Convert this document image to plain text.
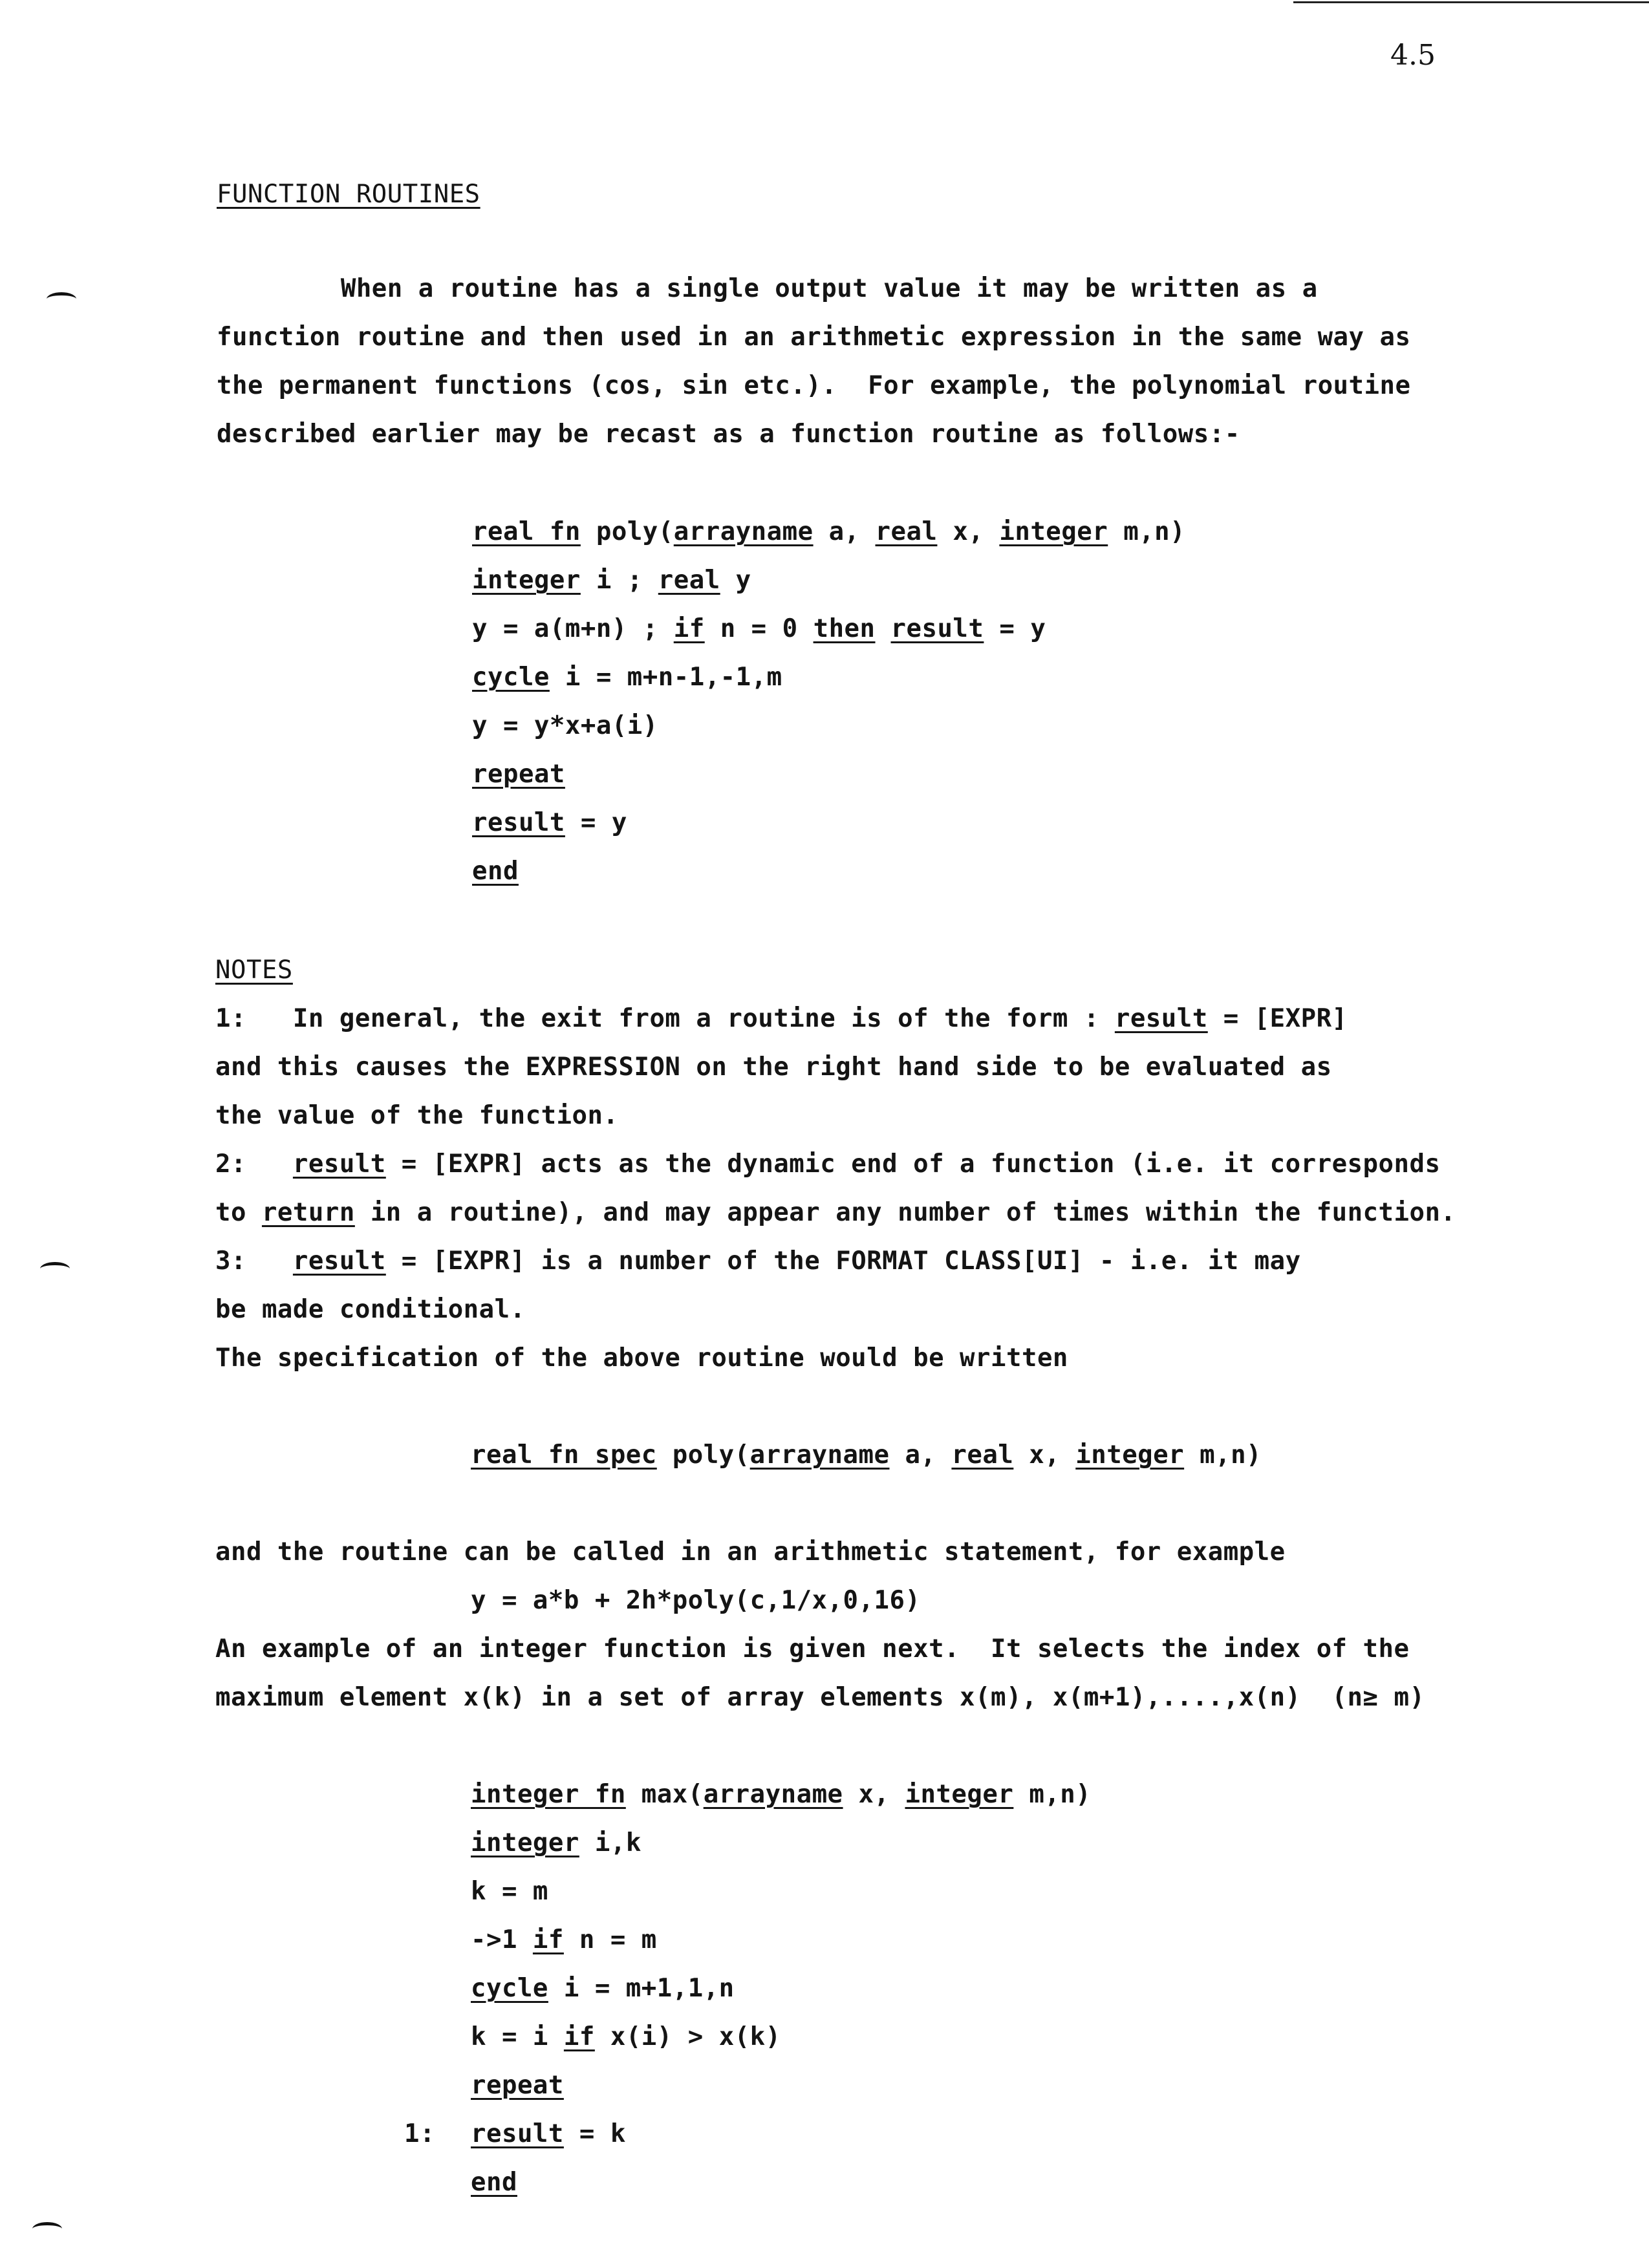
4.5
FUNCTION ROUTINES
When a routine has a single output value it may be written as a
function routine and then used in an arithmetic expression in the same way as
the permanent functions (cos, sin etc.).  For example, the polynomial routine
described earlier may be recast as a function routine as follows:-
real fn poly(arrayname a, real x, integer m,n)
integer i ; real y
y = a(m+n) ; if n = 0 then result = y
cycle i = m+n-1,-1,m
y = y*x+a(i)
repeat
result = y
end
NOTES
1:   In general, the exit from a routine is of the form : result = [EXPR]
and this causes the EXPRESSION on the right hand side to be evaluated as
the value of the function.
2:   result = [EXPR] acts as the dynamic end of a function (i.e. it corresponds
to return in a routine), and may appear any number of times within the function.
3:   result = [EXPR] is a number of the FORMAT CLASS[UI] - i.e. it may
be made conditional.
The specification of the above routine would be written
real fn spec poly(arrayname a, real x, integer m,n)
and the routine can be called in an arithmetic statement, for example
y = a*b + 2h*poly(c,1/x,0,16)
An example of an integer function is given next.  It selects the index of the
maximum element x(k) in a set of array elements x(m), x(m+1),....,x(n)  (n≥ m)
integer fn max(arrayname x, integer m,n)
integer i,k
k = m
->1 if n = m
cycle i = m+1,1,n
k = i if x(i) > x(k)
repeat
1: result = k
end
